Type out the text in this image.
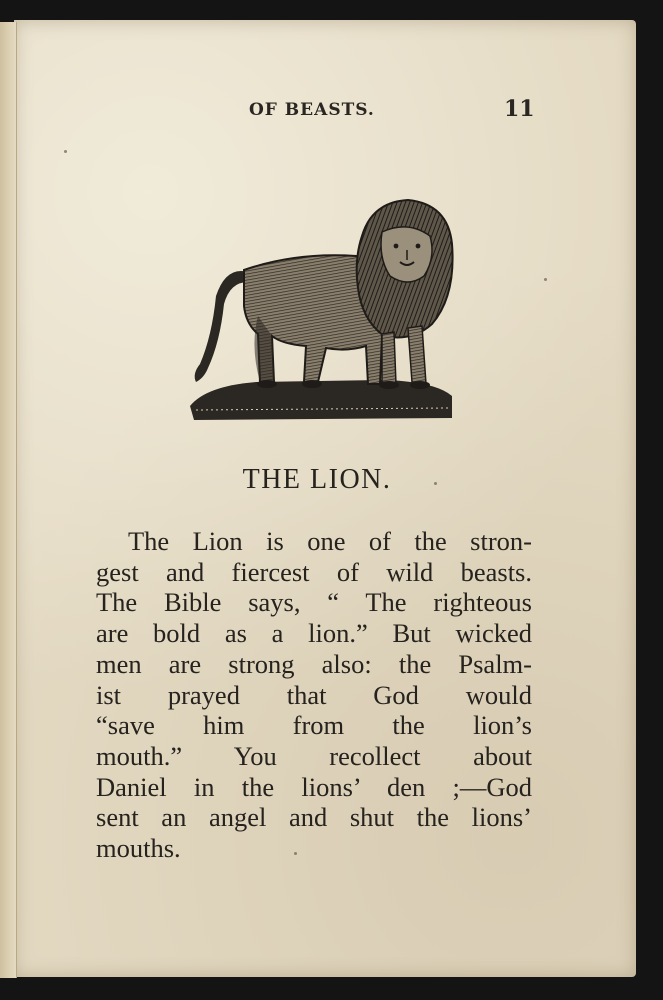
OF BEASTS.	11
THE LION.
The Lion is one of the stron-
gest and fiercest of wild beasts.
The Bible says, “ The righteous
are bold as a lion.” But wicked
men are strong also: the Psalm-
ist prayed that God would
“save him from the lion’s
mouth.” You recollect about
Daniel in the lions’ den ;—God
sent an angel and shut the lions’
mouths.
